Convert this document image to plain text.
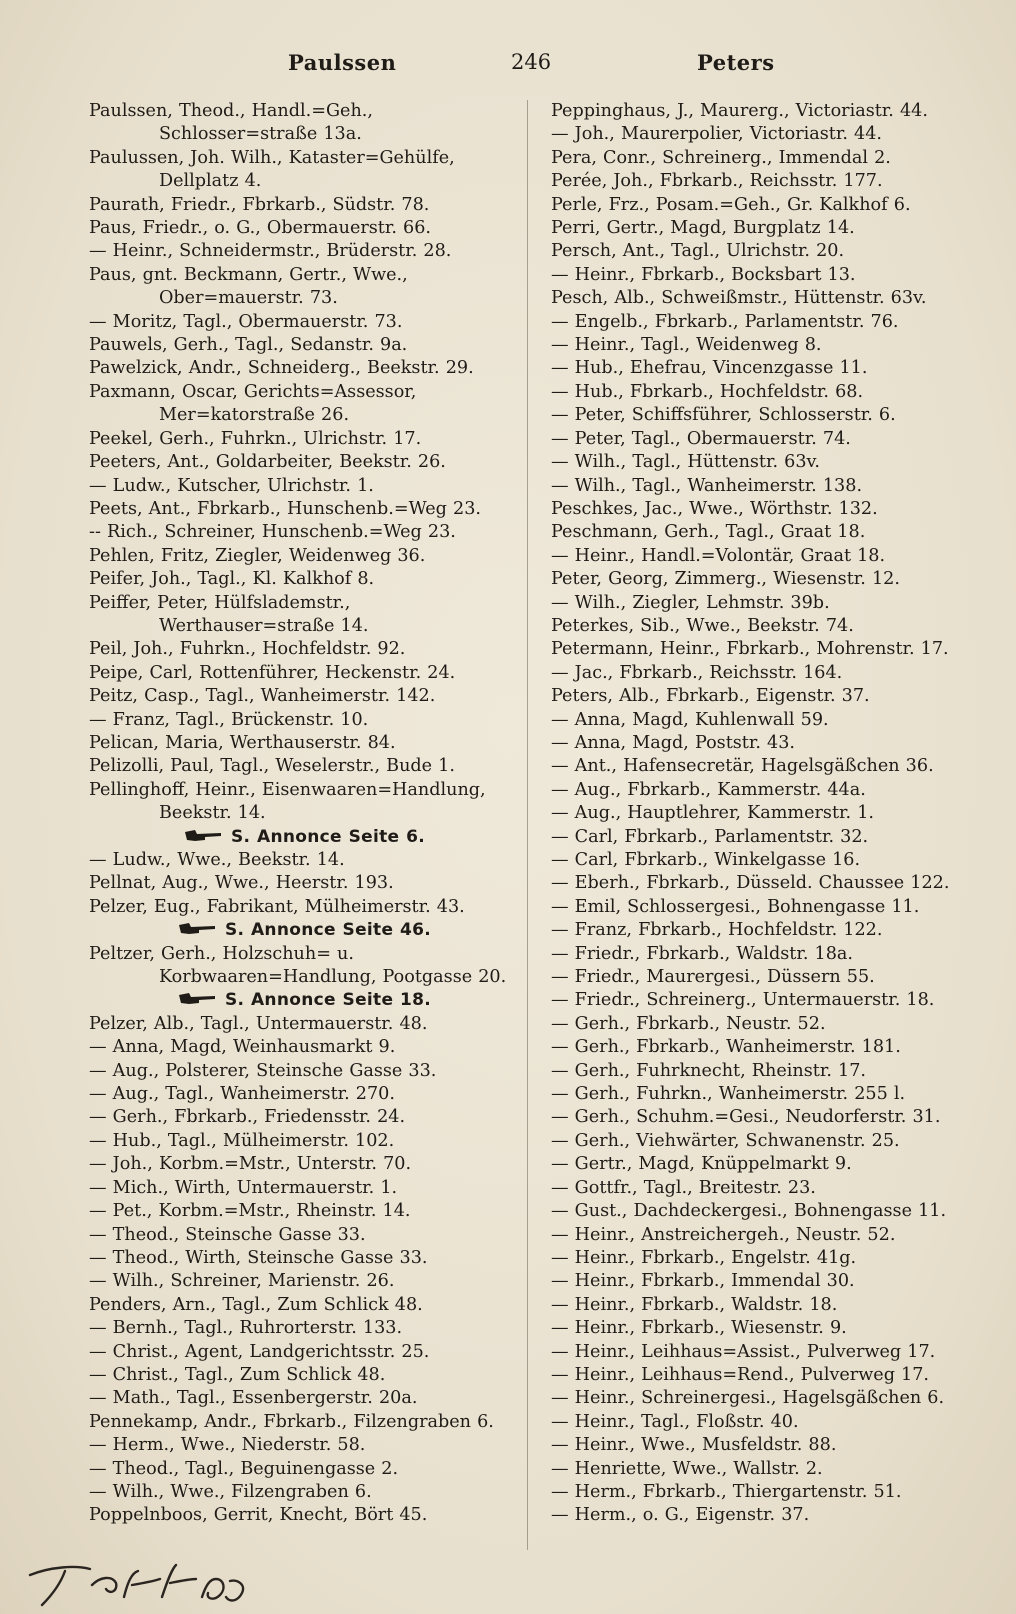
Paulssen	246	Peters
Paulssen, Theod., Handl.=Geh., Schlosser=straße 13a.
Paulussen, Joh. Wilh., Kataster=Gehülfe, Dellplatz 4.
Paurath, Friedr., Fbrkarb., Südstr. 78.
Paus, Friedr., o. G., Obermauerstr. 66.
— Heinr., Schneidermstr., Brüderstr. 28.
Paus, gnt. Beckmann, Gertr., Wwe., Ober=mauerstr. 73.
— Moritz, Tagl., Obermauerstr. 73.
Pauwels, Gerh., Tagl., Sedanstr. 9a.
Pawelzick, Andr., Schneiderg., Beekstr. 29.
Paxmann, Oscar, Gerichts=Assessor, Mer=katorstraße 26.
Peekel, Gerh., Fuhrkn., Ulrichstr. 17.
Peeters, Ant., Goldarbeiter, Beekstr. 26.
— Ludw., Kutscher, Ulrichstr. 1.
Peets, Ant., Fbrkarb., Hunschenb.=Weg 23.
-- Rich., Schreiner, Hunschenb.=Weg 23.
Pehlen, Fritz, Ziegler, Weidenweg 36.
Peifer, Joh., Tagl., Kl. Kalkhof 8.
Peiffer, Peter, Hülfslademstr., Werthauser=straße 14.
Peil, Joh., Fuhrkn., Hochfeldstr. 92.
Peipe, Carl, Rottenführer, Heckenstr. 24.
Peitz, Casp., Tagl., Wanheimerstr. 142.
— Franz, Tagl., Brückenstr. 10.
Pelican, Maria, Werthauserstr. 84.
Pelizolli, Paul, Tagl., Weselerstr., Bude 1.
Pellinghoff, Heinr., Eisenwaaren=Handlung, Beekstr. 14.
S. Annonce Seite 6.
— Ludw., Wwe., Beekstr. 14.
Pellnat, Aug., Wwe., Heerstr. 193.
Pelzer, Eug., Fabrikant, Mülheimerstr. 43.
S. Annonce Seite 46.
Peltzer, Gerh., Holzschuh= u. Korbwaaren=Handlung, Pootgasse 20.
S. Annonce Seite 18.
Pelzer, Alb., Tagl., Untermauerstr. 48.
— Anna, Magd, Weinhausmarkt 9.
— Aug., Polsterer, Steinsche Gasse 33.
— Aug., Tagl., Wanheimerstr. 270.
— Gerh., Fbrkarb., Friedensstr. 24.
— Hub., Tagl., Mülheimerstr. 102.
— Joh., Korbm.=Mstr., Unterstr. 70.
— Mich., Wirth, Untermauerstr. 1.
— Pet., Korbm.=Mstr., Rheinstr. 14.
— Theod., Steinsche Gasse 33.
— Theod., Wirth, Steinsche Gasse 33.
— Wilh., Schreiner, Marienstr. 26.
Penders, Arn., Tagl., Zum Schlick 48.
— Bernh., Tagl., Ruhrorterstr. 133.
— Christ., Agent, Landgerichtsstr. 25.
— Christ., Tagl., Zum Schlick 48.
— Math., Tagl., Essenbergerstr. 20a.
Pennekamp, Andr., Fbrkarb., Filzengraben 6.
— Herm., Wwe., Niederstr. 58.
— Theod., Tagl., Beguinengasse 2.
— Wilh., Wwe., Filzengraben 6.
Poppelnboos, Gerrit, Knecht, Bört 45.
Peppinghaus, J., Maurerg., Victoriastr. 44.
— Joh., Maurerpolier, Victoriastr. 44.
Pera, Conr., Schreinerg., Immendal 2.
Perée, Joh., Fbrkarb., Reichsstr. 177.
Perle, Frz., Posam.=Geh., Gr. Kalkhof 6.
Perri, Gertr., Magd, Burgplatz 14.
Persch, Ant., Tagl., Ulrichstr. 20.
— Heinr., Fbrkarb., Bocksbart 13.
Pesch, Alb., Schweißmstr., Hüttenstr. 63v.
— Engelb., Fbrkarb., Parlamentstr. 76.
— Heinr., Tagl., Weidenweg 8.
— Hub., Ehefrau, Vincenzgasse 11.
— Hub., Fbrkarb., Hochfeldstr. 68.
— Peter, Schiffsführer, Schlosserstr. 6.
— Peter, Tagl., Obermauerstr. 74.
— Wilh., Tagl., Hüttenstr. 63v.
— Wilh., Tagl., Wanheimerstr. 138.
Peschkes, Jac., Wwe., Wörthstr. 132.
Peschmann, Gerh., Tagl., Graat 18.
— Heinr., Handl.=Volontär, Graat 18.
Peter, Georg, Zimmerg., Wiesenstr. 12.
— Wilh., Ziegler, Lehmstr. 39b.
Peterkes, Sib., Wwe., Beekstr. 74.
Petermann, Heinr., Fbrkarb., Mohrenstr. 17.
— Jac., Fbrkarb., Reichsstr. 164.
Peters, Alb., Fbrkarb., Eigenstr. 37.
— Anna, Magd, Kuhlenwall 59.
— Anna, Magd, Poststr. 43.
— Ant., Hafensecretär, Hagelsgäßchen 36.
— Aug., Fbrkarb., Kammerstr. 44a.
— Aug., Hauptlehrer, Kammerstr. 1.
— Carl, Fbrkarb., Parlamentstr. 32.
— Carl, Fbrkarb., Winkelgasse 16.
— Eberh., Fbrkarb., Düsseld. Chaussee 122.
— Emil, Schlossergesi., Bohnengasse 11.
— Franz, Fbrkarb., Hochfeldstr. 122.
— Friedr., Fbrkarb., Waldstr. 18a.
— Friedr., Maurergesi., Düssern 55.
— Friedr., Schreinerg., Untermauerstr. 18.
— Gerh., Fbrkarb., Neustr. 52.
— Gerh., Fbrkarb., Wanheimerstr. 181.
— Gerh., Fuhrknecht, Rheinstr. 17.
— Gerh., Fuhrkn., Wanheimerstr. 255 l.
— Gerh., Schuhm.=Gesi., Neudorferstr. 31.
— Gerh., Viehwärter, Schwanenstr. 25.
— Gertr., Magd, Knüppelmarkt 9.
— Gottfr., Tagl., Breitestr. 23.
— Gust., Dachdeckergesi., Bohnengasse 11.
— Heinr., Anstreichergeh., Neustr. 52.
— Heinr., Fbrkarb., Engelstr. 41g.
— Heinr., Fbrkarb., Immendal 30.
— Heinr., Fbrkarb., Waldstr. 18.
— Heinr., Fbrkarb., Wiesenstr. 9.
— Heinr., Leihhaus=Assist., Pulverweg 17.
— Heinr., Leihhaus=Rend., Pulverweg 17.
— Heinr., Schreinergesi., Hagelsgäßchen 6.
— Heinr., Tagl., Floßstr. 40.
— Heinr., Wwe., Musfeldstr. 88.
— Henriette, Wwe., Wallstr. 2.
— Herm., Fbrkarb., Thiergartenstr. 51.
— Herm., o. G., Eigenstr. 37.
